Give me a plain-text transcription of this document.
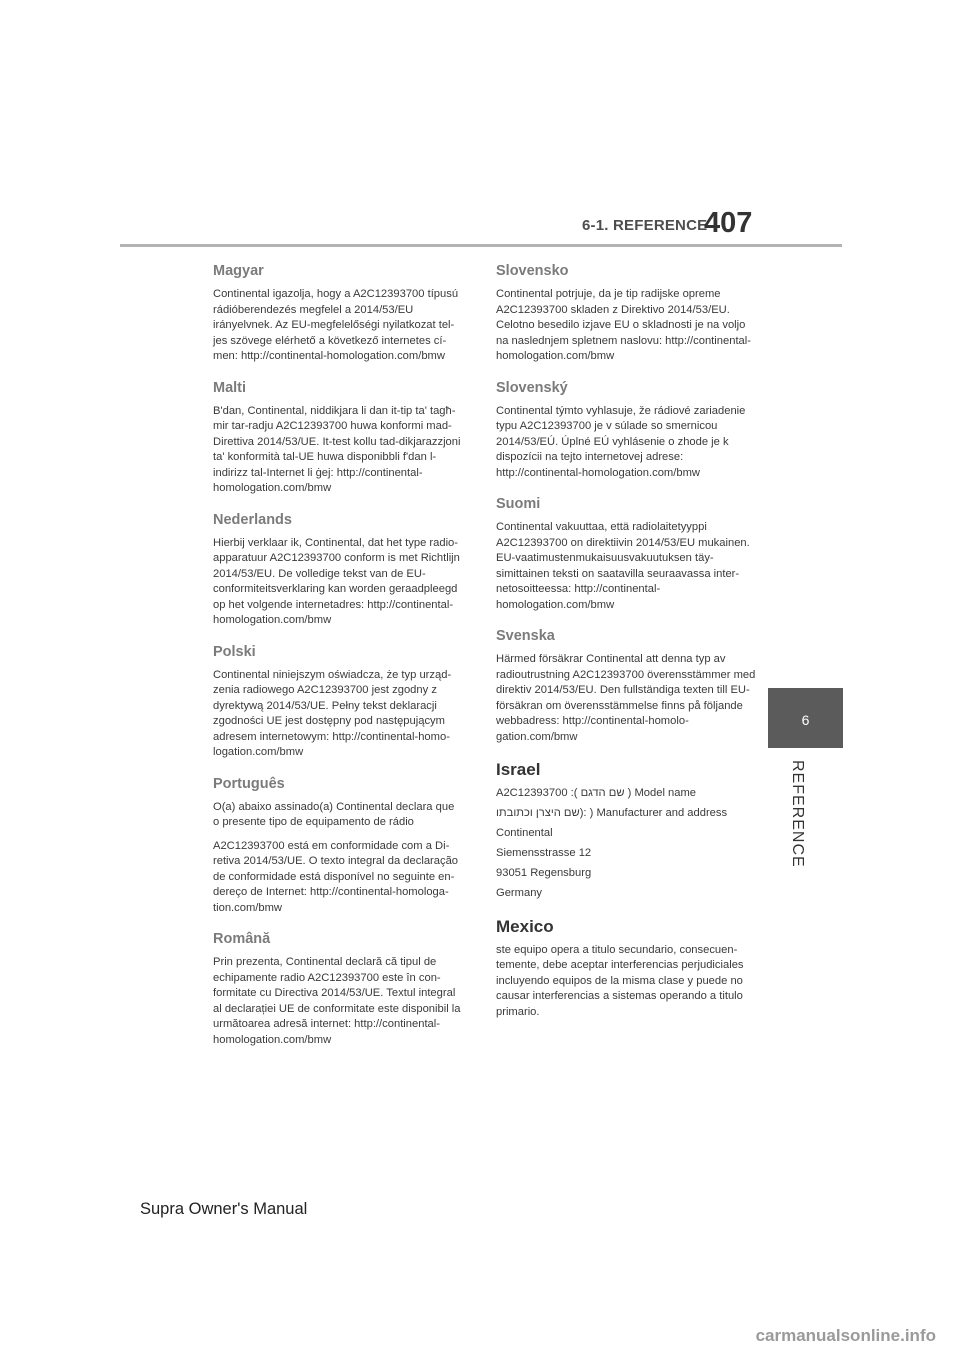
6-1. REFERENCE
407
6
REFERENCE
Magyar

Continental igazolja, hogy a A2C12393700 típusú rádióberendezés megfelel a 2014/53/EU irányelvnek. Az EU-megfelelőségi nyilatkozat teljes szövege elérhető a következő internetes címen: http://continental-homologation.com/bmw

Malti

B'dan, Continental, niddikjara li dan it-tip ta' tagħmir tar-radju A2C12393700 huwa konformi mad-Direttiva 2014/53/UE. It-test kollu tad-dikjarazzjoni ta' konformità tal-UE huwa disponibbli f'dan l-indirizz tal-Internet li ġej: http://continental-homologation.com/bmw

Nederlands

Hierbij verklaar ik, Continental, dat het type radioapparatuur A2C12393700 conform is met Richtlijn 2014/53/EU. De volledige tekst van de EU-conformiteitsverklaring kan worden geraadpleegd op het volgende internetadres: http://continental-homologation.com/bmw

Polski

Continental niniejszym oświadcza, że typ urządzenia radiowego A2C12393700 jest zgodny z dyrektywą 2014/53/UE. Pełny tekst deklaracji zgodności UE jest dostępny pod następującym adresem internetowym: http://continental-homologation.com/bmw

Português

O(a) abaixo assinado(a) Continental declara que o presente tipo de equipamento de rádio

A2C12393700 está em conformidade com a Diretiva 2014/53/UE. O texto integral da declaração de conformidade está disponível no seguinte endereço de Internet: http://continental-homologation.com/bmw

Română

Prin prezenta, Continental declară că tipul de echipamente radio A2C12393700 este în conformitate cu Directiva 2014/53/UE. Textul integral al declarației UE de conformitate este disponibil la următoarea adresă internet: http://continental-homologation.com/bmw

Slovensko

Continental potrjuje, da je tip radijske opreme A2C12393700 skladen z Direktivo 2014/53/EU. Celotno besedilo izjave EU o skladnosti je na voljo na naslednjem spletnem naslovu: http://continental-homologation.com/bmw

Slovenský

Continental týmto vyhlasuje, že rádiové zariadenie typu A2C12393700 je v súlade so smernicou 2014/53/EÚ. Úplné EÚ vyhlásenie o zhode je k dispozícii na tejto internetovej adrese: http://continental-homologation.com/bmw

Suomi

Continental vakuuttaa, että radiolaitetyyppi A2C12393700 on direktiivin 2014/53/EU mukainen. EU-vaatimustenmukaisuusvakuutuksen täysimittainen teksti on saatavilla seuraavassa internetosoitteessa: http://continental-homologation.com/bmw

Svenska

Härmed försäkrar Continental att denna typ av radioutrustning A2C12393700 överensstämmer med direktiv 2014/53/EU. Den fullständiga texten till EU-försäkran om överensstämmelse finns på följande webbadress: http://continental-homologation.com/bmw

Israel
A2C12393700 :( שם הדגם ) Model name
שם היצרן וכתובתו): ) Manufacturer and address
Continental
Siemensstrasse 12
93051 Regensburg
Germany
Mexico

ste equipo opera a titulo secundario, consecuentemente, debe aceptar interferencias perjudiciales incluyendo equipos de la misma clase y puede no causar interferencias a sistemas operando a titulo primario.

Supra Owner's Manual
carmanualsonline.info
